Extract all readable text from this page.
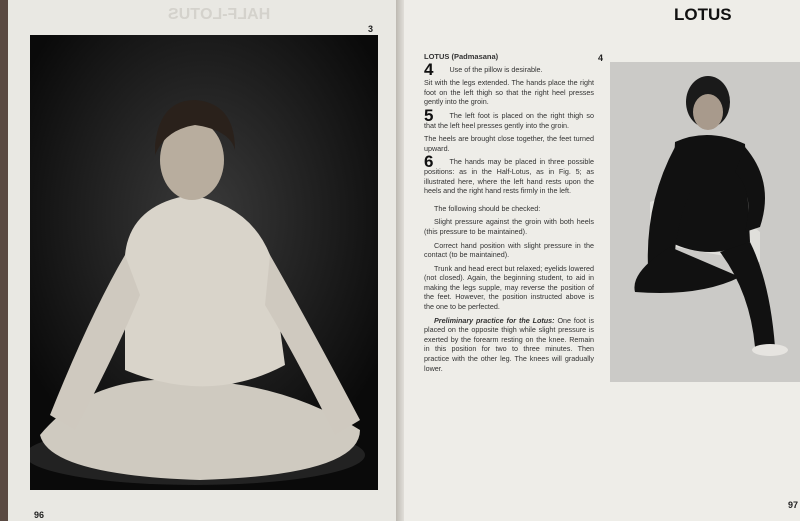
HALF-LOTUS
3
96
LOTUS
LOTUS (Padmasana)

4 Use of the pillow is desirable.

Sit with the legs extended. The hands place the right foot on the left thigh so that the right heel presses gently into the groin.

5 The left foot is placed on the right thigh so that the left heel presses gently into the groin.

The heels are brought close together, the feet turned upward.

6 The hands may be placed in three possible positions: as in the Half-Lotus, as in Fig. 5; as illustrated here, where the left hand rests upon the heels and the right hand rests firmly in the left.

The following should be checked:

Slight pressure against the groin with both heels (this pressure to be maintained).

Correct hand position with slight pressure in the contact (to be maintained).

Trunk and head erect but relaxed; eyelids lowered (not closed). Again, the beginning student, to aid in making the legs supple, may reverse the position of the feet. However, the position instructed above is the one to be perfected.

Preliminary practice for the Lotus: One foot is placed on the opposite thigh while slight pressure is exerted by the forearm resting on the knee. Remain in this position for two to three minutes. Then practice with the other leg. The knees will gradually lower.

4
97
